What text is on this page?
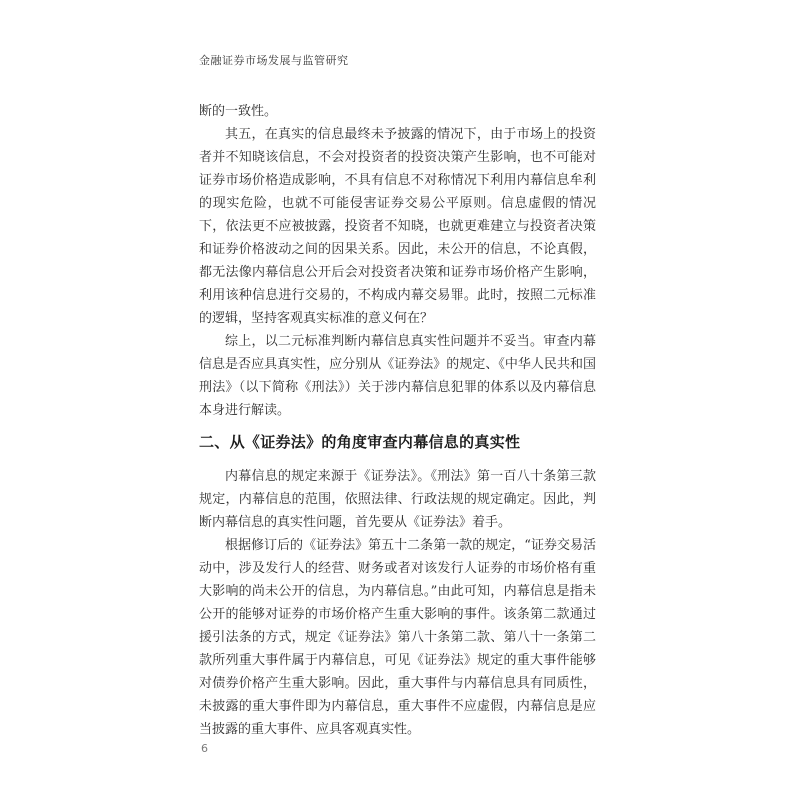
金融证券市场发展与监管研究

断的一致性。

其五，在真实的信息最终未予披露的情况下，由于市场上的投资者并不知晓该信息，不会对投资者的投资决策产生影响，也不可能对证券市场价格造成影响，不具有信息不对称情况下利用内幕信息牟利的现实危险，也就不可能侵害证券交易公平原则。信息虚假的情况下，依法更不应被披露，投资者不知晓，也就更难建立与投资者决策和证券价格波动之间的因果关系。因此，未公开的信息，不论真假，都无法像内幕信息公开后会对投资者决策和证券市场价格产生影响，利用该种信息进行交易的，不构成内幕交易罪。此时，按照二元标准的逻辑，坚持客观真实标准的意义何在？

综上，以二元标准判断内幕信息真实性问题并不妥当。审查内幕信息是否应具真实性，应分别从《证券法》的规定、《中华人民共和国刑法》（以下简称《刑法》）关于涉内幕信息犯罪的体系以及内幕信息本身进行解读。

二、从《证券法》的角度审查内幕信息的真实性

内幕信息的规定来源于《证券法》。《刑法》第一百八十条第三款规定，内幕信息的范围，依照法律、行政法规的规定确定。因此，判断内幕信息的真实性问题，首先要从《证券法》着手。

根据修订后的《证券法》第五十二条第一款的规定，“证券交易活动中，涉及发行人的经营、财务或者对该发行人证券的市场价格有重大影响的尚未公开的信息，为内幕信息。”由此可知，内幕信息是指未公开的能够对证券的市场价格产生重大影响的事件。该条第二款通过援引法条的方式，规定《证券法》第八十条第二款、第八十一条第二款所列重大事件属于内幕信息，可见《证券法》规定的重大事件能够对债券价格产生重大影响。因此，重大事件与内幕信息具有同质性，未披露的重大事件即为内幕信息，重大事件不应虚假，内幕信息是应当披露的重大事件、应具客观真实性。

6
